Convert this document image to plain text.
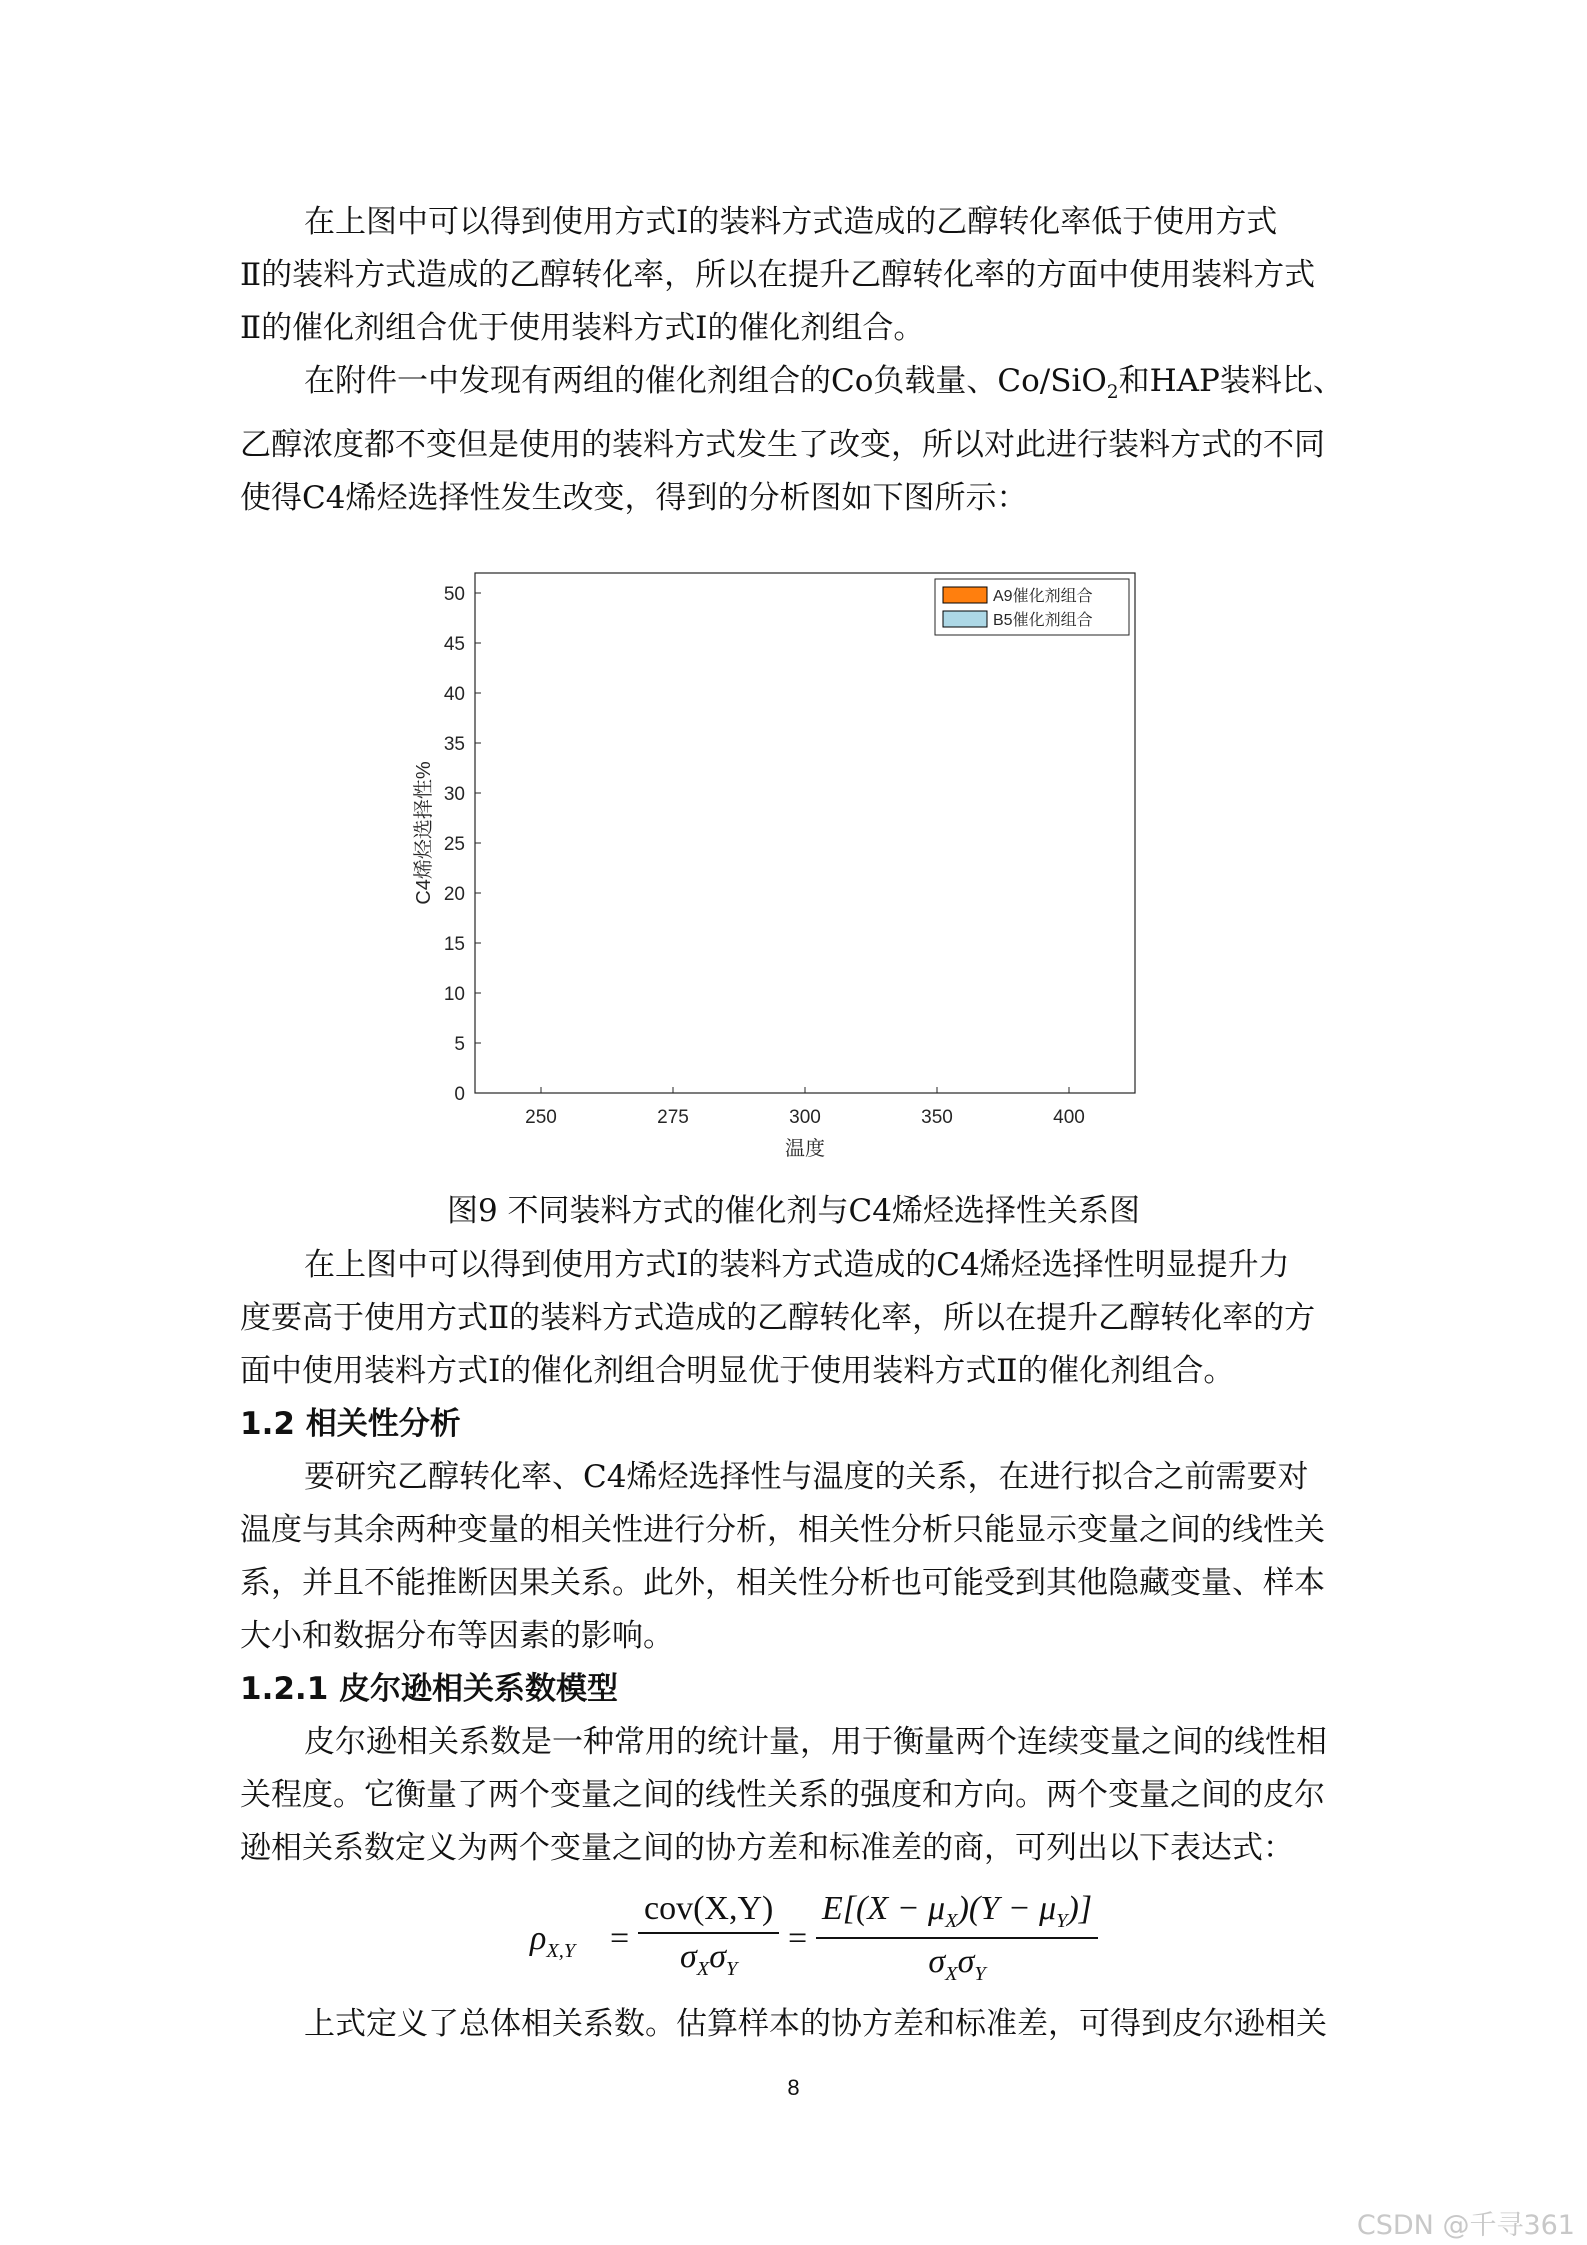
在上图中可以得到使用方式Ⅰ的装料方式造成的乙醇转化率低于使用方式
Ⅱ的装料方式造成的乙醇转化率，所以在提升乙醇转化率的方面中使用装料方式
Ⅱ的催化剂组合优于使用装料方式Ⅰ的催化剂组合。
在附件一中发现有两组的催化剂组合的Co负载量、Co/SiO$_2$和HAP装料比、
乙醇浓度都不变但是使用的装料方式发生了改变，所以对此进行装料方式的不同
使得C4烯烃选择性发生改变，得到的分析图如下图所示：
0
5
10
15
20
25
30
35
40
45
50
250	275	300	350	400
温度
C4烯烃选择性%
A9催化剂组合
B5催化剂组合

图9 不同装料方式的催化剂与C4烯烃选择性关系图

在上图中可以得到使用方式Ⅰ的装料方式造成的C4烯烃选择性明显提升力
度要高于使用方式Ⅱ的装料方式造成的乙醇转化率，所以在提升乙醇转化率的方
面中使用装料方式Ⅰ的催化剂组合明显优于使用装料方式Ⅱ的催化剂组合。

1.2 相关性分析

要研究乙醇转化率、C4烯烃选择性与温度的关系，在进行拟合之前需要对
温度与其余两种变量的相关性进行分析，相关性分析只能显示变量之间的线性关
系，并且不能推断因果关系。此外，相关性分析也可能受到其他隐藏变量、样本
大小和数据分布等因素的影响。

1.2.1 皮尔逊相关系数模型

皮尔逊相关系数是一种常用的统计量，用于衡量两个连续变量之间的线性相
关程度。它衡量了两个变量之间的线性关系的强度和方向。两个变量之间的皮尔
逊相关系数定义为两个变量之间的协方差和标准差的商，可列出以下表达式：
$\rho_{X,Y}$ =
cov(X,Y)
$\sigma_X\sigma_Y$
=
$E[(X - \mu_X)(Y - \mu_Y)]$
$\sigma_X\sigma_Y$
上式定义了总体相关系数。估算样本的协方差和标准差，可得到皮尔逊相关
8
CSDN @千寻361
